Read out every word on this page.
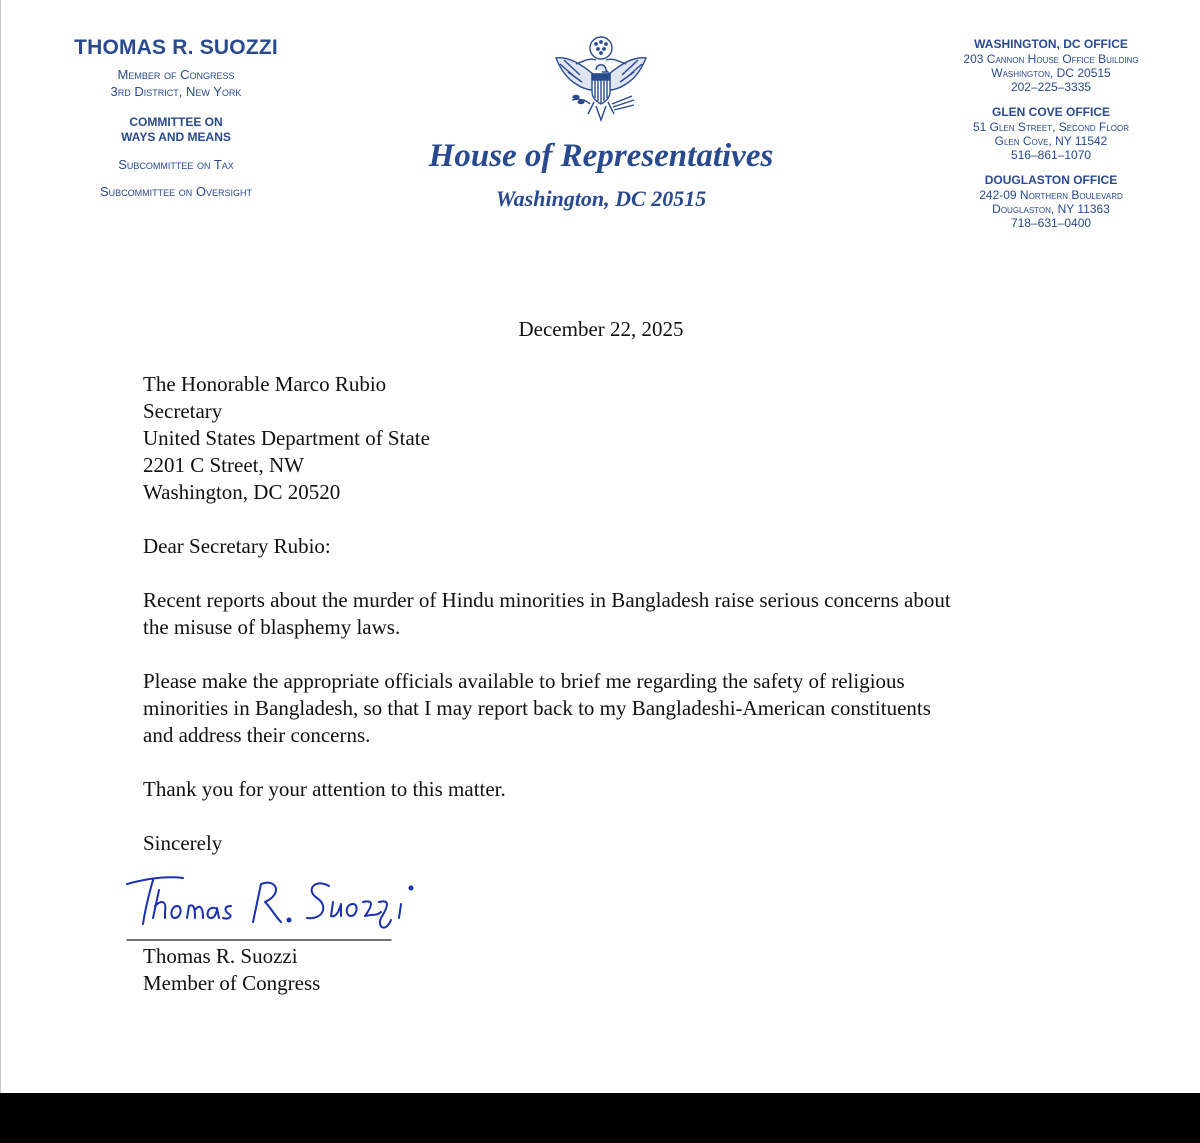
THOMAS R. SUOZZI
Member of Congress
3rd District, New York
COMMITTEE ON
WAYS AND MEANS
Subcommittee on Tax
Subcommittee on Oversight
House of Representatives
Washington, DC 20515
WASHINGTON, DC OFFICE
203 Cannon House Office Building
Washington, DC 20515
202–225–3335
GLEN COVE OFFICE
51 Glen Street, Second Floor
Glen Cove, NY 11542
516–861–1070
DOUGLASTON OFFICE
242-09 Northern Boulevard
Douglaston, NY 11363
718–631–0400
December 22, 2025
The Honorable Marco Rubio
Secretary
United States Department of State
2201 C Street, NW
Washington, DC 20520
Dear Secretary Rubio:
Recent reports about the murder of Hindu minorities in Bangladesh raise serious concerns about
the misuse of blasphemy laws.
Please make the appropriate officials available to brief me regarding the safety of religious
minorities in Bangladesh, so that I may report back to my Bangladeshi-American constituents
and address their concerns.
Thank you for your attention to this matter.
Sincerely
Thomas R. Suozzi
Member of Congress
